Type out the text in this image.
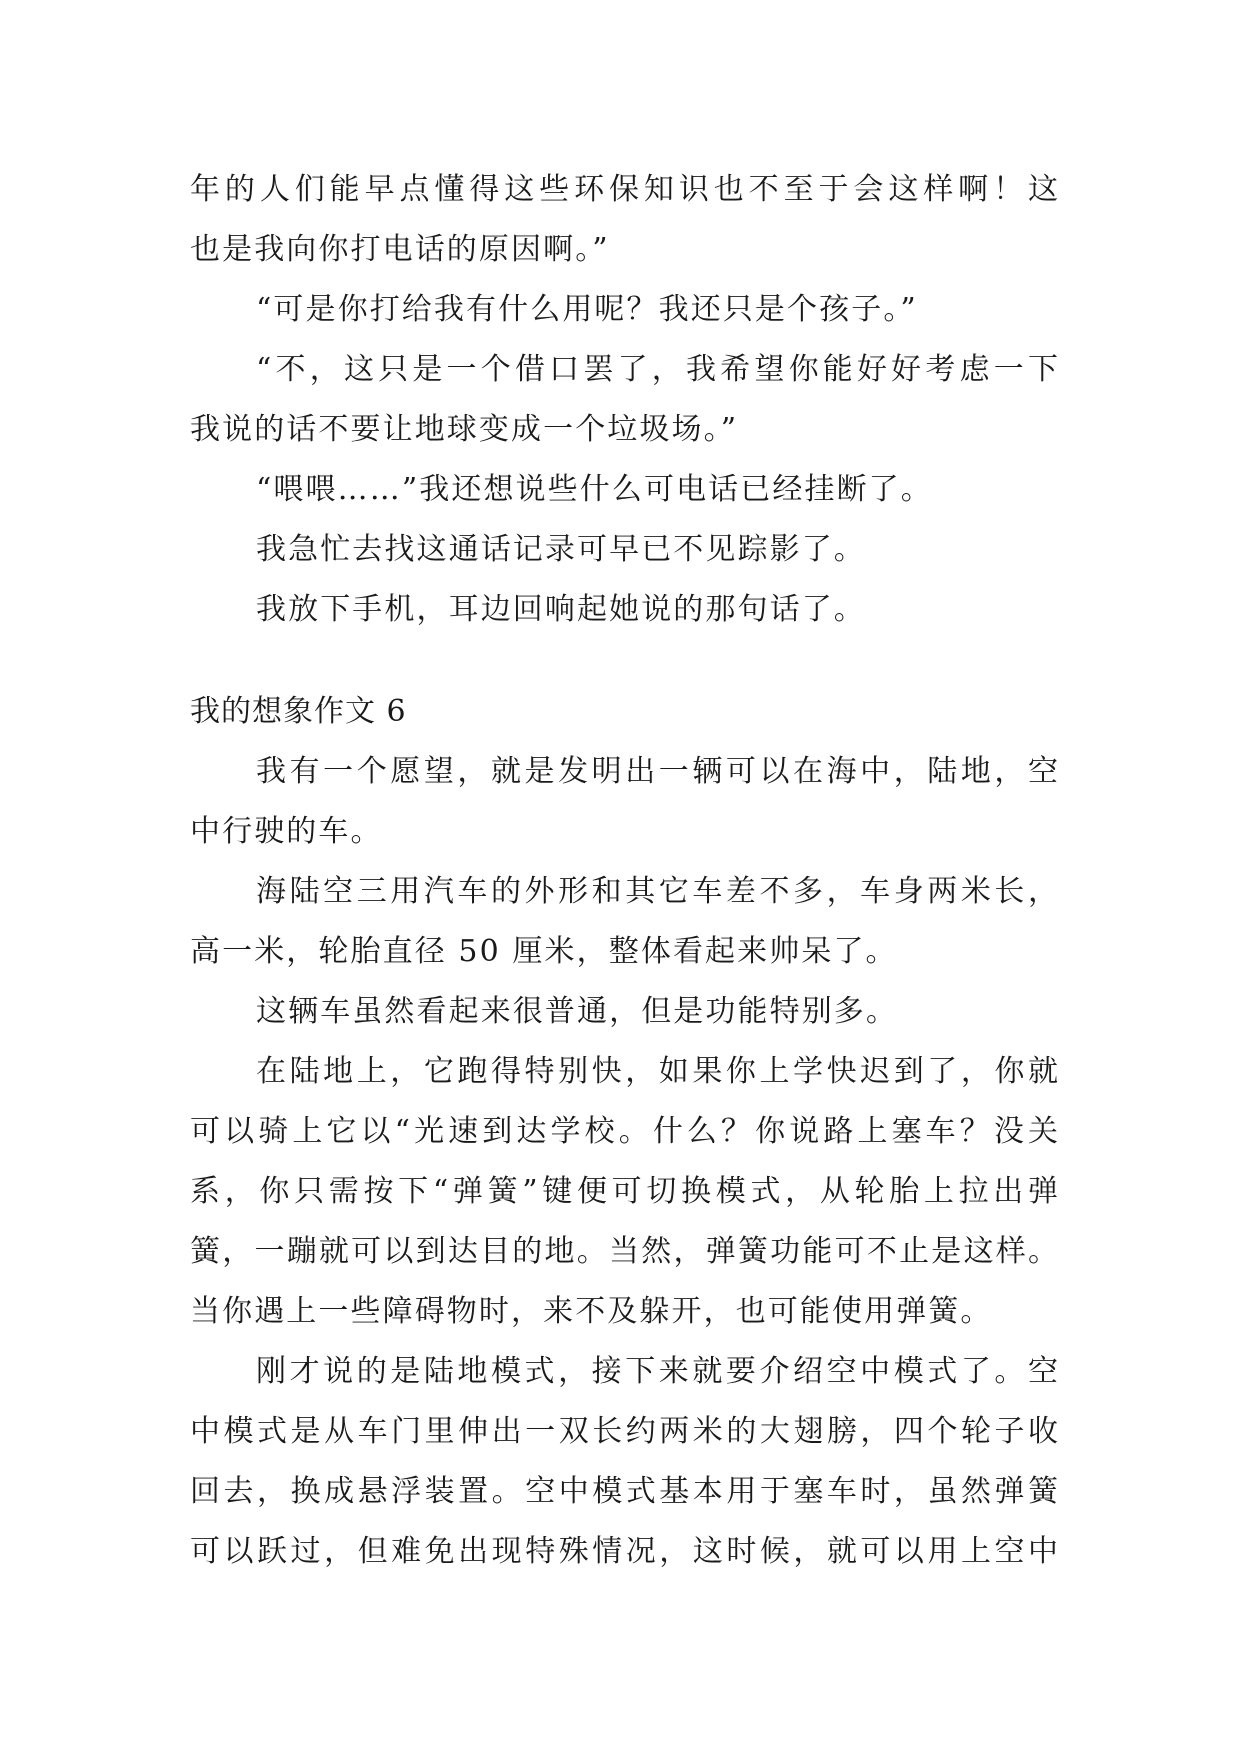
年的人们能早点懂得这些环保知识也不至于会这样啊！这
也是我向你打电话的原因啊。”
“可是你打给我有什么用呢？我还只是个孩子。”
“不，这只是一个借口罢了，我希望你能好好考虑一下
我说的话不要让地球变成一个垃圾场。”
“喂喂……”我还想说些什么可电话已经挂断了。
我急忙去找这通话记录可早已不见踪影了。
我放下手机，耳边回响起她说的那句话了。
我的想象作文 6
我有一个愿望，就是发明出一辆可以在海中，陆地，空
中行驶的车。
海陆空三用汽车的外形和其它车差不多，车身两米长，
高一米，轮胎直径 50 厘米，整体看起来帅呆了。
这辆车虽然看起来很普通，但是功能特别多。
在陆地上，它跑得特别快，如果你上学快迟到了，你就
可以骑上它以“光速到达学校。什么？你说路上塞车？没关
系，你只需按下“弹簧”键便可切换模式，从轮胎上拉出弹
簧，一蹦就可以到达目的地。当然，弹簧功能可不止是这样。
当你遇上一些障碍物时，来不及躲开，也可能使用弹簧。
刚才说的是陆地模式，接下来就要介绍空中模式了。空
中模式是从车门里伸出一双长约两米的大翅膀，四个轮子收
回去，换成悬浮装置。空中模式基本用于塞车时，虽然弹簧
可以跃过，但难免出现特殊情况，这时候，就可以用上空中
